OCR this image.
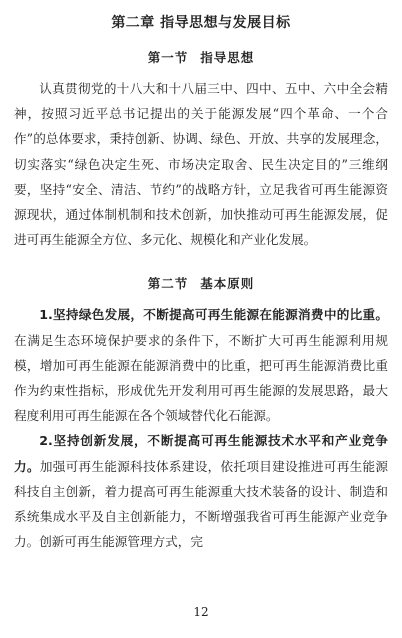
第二章 指导思想与发展目标
第一节 指导思想

认真贯彻党的十八大和十八届三中、四中、五中、六中全会精神，按照习近平总书记提出的关于能源发展“四个革命、一个合作”的总体要求，秉持创新、协调、绿色、开放、共享的发展理念，切实落实“绿色决定生死、市场决定取舍、民生决定目的”三维纲要，坚持“安全、清洁、节约”的战略方针，立足我省可再生能源资源现状，通过体制机制和技术创新，加快推动可再生能源发展，促进可再生能源全方位、多元化、规模化和产业化发展。

第二节 基本原则

1.坚持绿色发展，不断提高可再生能源在能源消费中的比重。在满足生态环境保护要求的条件下，不断扩大可再生能源利用规模，增加可再生能源在能源消费中的比重，把可再生能源消费比重作为约束性指标，形成优先开发利用可再生能源的发展思路，最大程度利用可再生能源在各个领域替代化石能源。

2.坚持创新发展，不断提高可再生能源技术水平和产业竞争力。加强可再生能源科技体系建设，依托项目建设推进可再生能源科技自主创新，着力提高可再生能源重大技术装备的设计、制造和系统集成水平及自主创新能力，不断增强我省可再生能源产业竞争力。创新可再生能源管理方式，完

12
